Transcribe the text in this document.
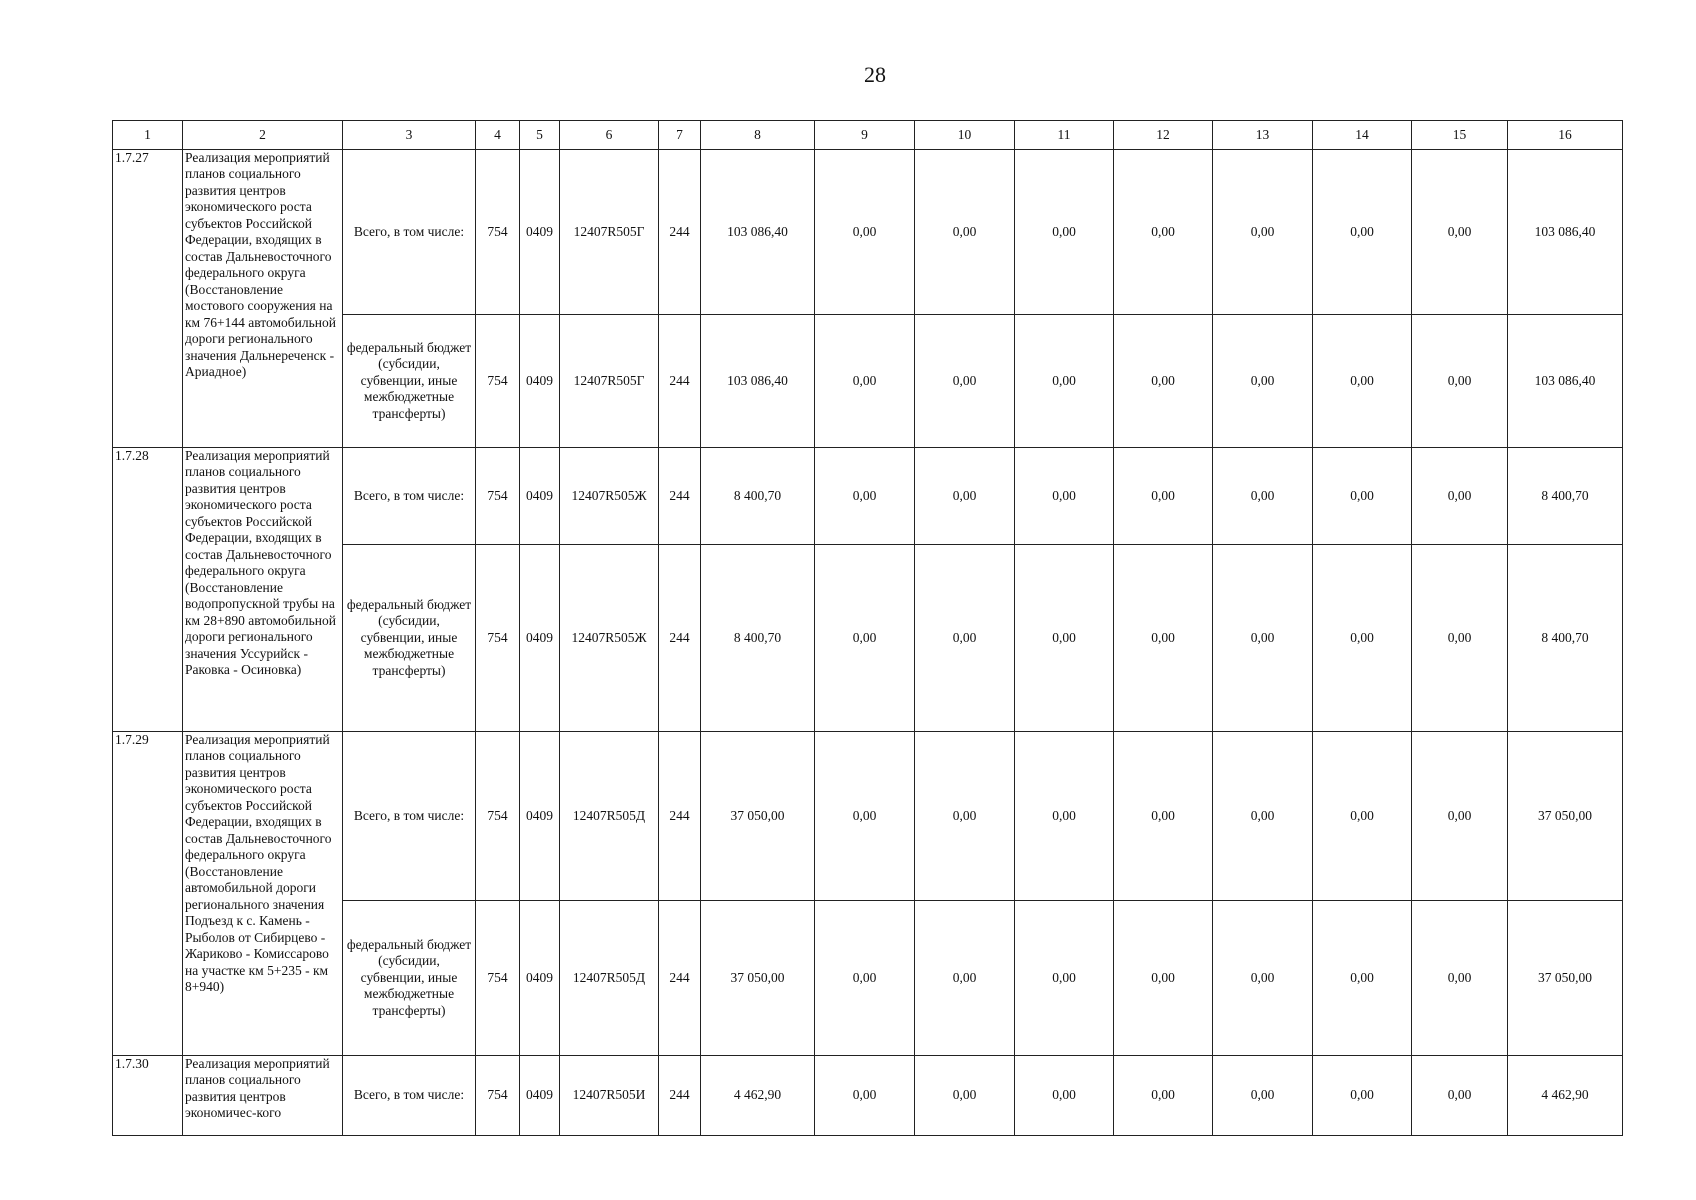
28
1	2	3	4	5	6	7	8	9	10	11	12	13	14	15	16
1.7.27	Реализация мероприятий планов социального развития центров экономического роста субъектов Российской Федерации, входящих в состав Дальневосточного федерального округа (Восстановление мостового сооружения на км 76+144 автомобильной дороги регионального значения Дальнереченск - Ариадное)	Всего, в том числе:	754	0409	12407R505Г	244	103 086,40	0,00	0,00	0,00	0,00	0,00	0,00	0,00	103 086,40
		федеральный бюджет (субсидии, субвенции, иные межбюджетные трансферты)	754	0409	12407R505Г	244	103 086,40	0,00	0,00	0,00	0,00	0,00	0,00	0,00	103 086,40
1.7.28	Реализация мероприятий планов социального развития центров экономического роста субъектов Российской Федерации, входящих в состав Дальневосточного федерального округа (Восстановление водопропускной трубы на км 28+890 автомобильной дороги регионального значения Уссурийск - Раковка - Осиновка)	Всего, в том числе:	754	0409	12407R505Ж	244	8 400,70	0,00	0,00	0,00	0,00	0,00	0,00	0,00	8 400,70
		федеральный бюджет (субсидии, субвенции, иные межбюджетные трансферты)	754	0409	12407R505Ж	244	8 400,70	0,00	0,00	0,00	0,00	0,00	0,00	0,00	8 400,70
1.7.29	Реализация мероприятий планов социального развития центров экономического роста субъектов Российской Федерации, входящих в состав Дальневосточного федерального округа (Восстановление автомобильной дороги регионального значения Подъезд к с. Камень - Рыболов от Сибирцево - Жариково - Комиссарово на участке км 5+235 - км 8+940)	Всего, в том числе:	754	0409	12407R505Д	244	37 050,00	0,00	0,00	0,00	0,00	0,00	0,00	0,00	37 050,00
		федеральный бюджет (субсидии, субвенции, иные межбюджетные трансферты)	754	0409	12407R505Д	244	37 050,00	0,00	0,00	0,00	0,00	0,00	0,00	0,00	37 050,00
1.7.30	Реализация мероприятий планов социального развития центров экономичес-кого	Всего, в том числе:	754	0409	12407R505И	244	4 462,90	0,00	0,00	0,00	0,00	0,00	0,00	0,00	4 462,90
